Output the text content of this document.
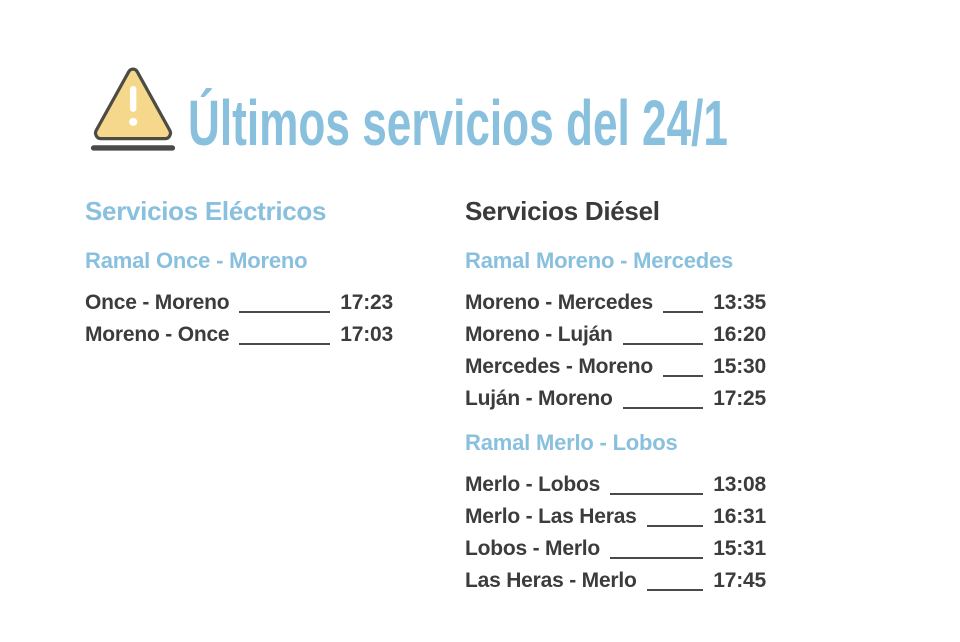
Últimos servicios del 24/1
Servicios Eléctricos
Ramal Once - Moreno
Once - Moreno	17:23
Moreno - Once	17:03
Servicios Diésel
Ramal Moreno - Mercedes
Moreno - Mercedes	13:35
Moreno - Luján	16:20
Mercedes - Moreno	15:30
Luján - Moreno	17:25
Ramal Merlo - Lobos
Merlo - Lobos	13:08
Merlo - Las Heras	16:31
Lobos - Merlo	15:31
Las Heras - Merlo	17:45
